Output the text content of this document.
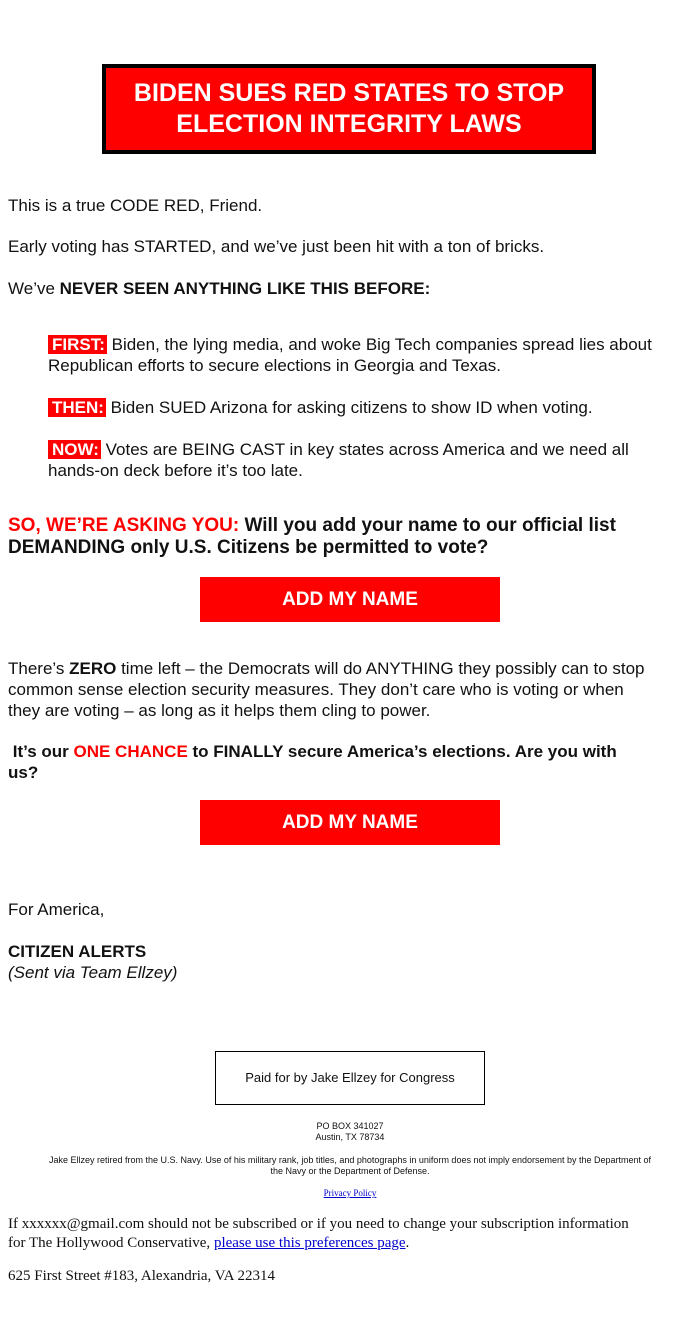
BIDEN SUES RED STATES TO STOP
ELECTION INTEGRITY LAWS

This is a true CODE RED, Friend.

Early voting has STARTED, and we’ve just been hit with a ton of bricks.

We’ve NEVER SEEN ANYTHING LIKE THIS BEFORE:

FIRST: Biden, the lying media, and woke Big Tech companies spread lies about
Republican efforts to secure elections in Georgia and Texas.

THEN: Biden SUED Arizona for asking citizens to show ID when voting.

NOW: Votes are BEING CAST in key states across America and we need all
hands-on deck before it’s too late.

SO, WE’RE ASKING YOU: Will you add your name to our official list
DEMANDING only U.S. Citizens be permitted to vote?

ADD MY NAME

There’s ZERO time left – the Democrats will do ANYTHING they possibly can to stop
common sense election security measures. They don’t care who is voting or when
they are voting – as long as it helps them cling to power.

It’s our ONE CHANCE to FINALLY secure America’s elections. Are you with
us?

ADD MY NAME

For America,

CITIZEN ALERTS

(Sent via Team Ellzey)

Paid for by Jake Ellzey for Congress
PO BOX 341027
Austin, TX 78734
Jake Ellzey retired from the U.S. Navy. Use of his military rank, job titles, and photographs in uniform does not imply endorsement by the Department of
the Navy or the Department of Defense.
Privacy Policy

If xxxxxx@gmail.com should not be subscribed or if you need to change your subscription information
for The Hollywood Conservative, please use this preferences page.

625 First Street #183, Alexandria, VA 22314
